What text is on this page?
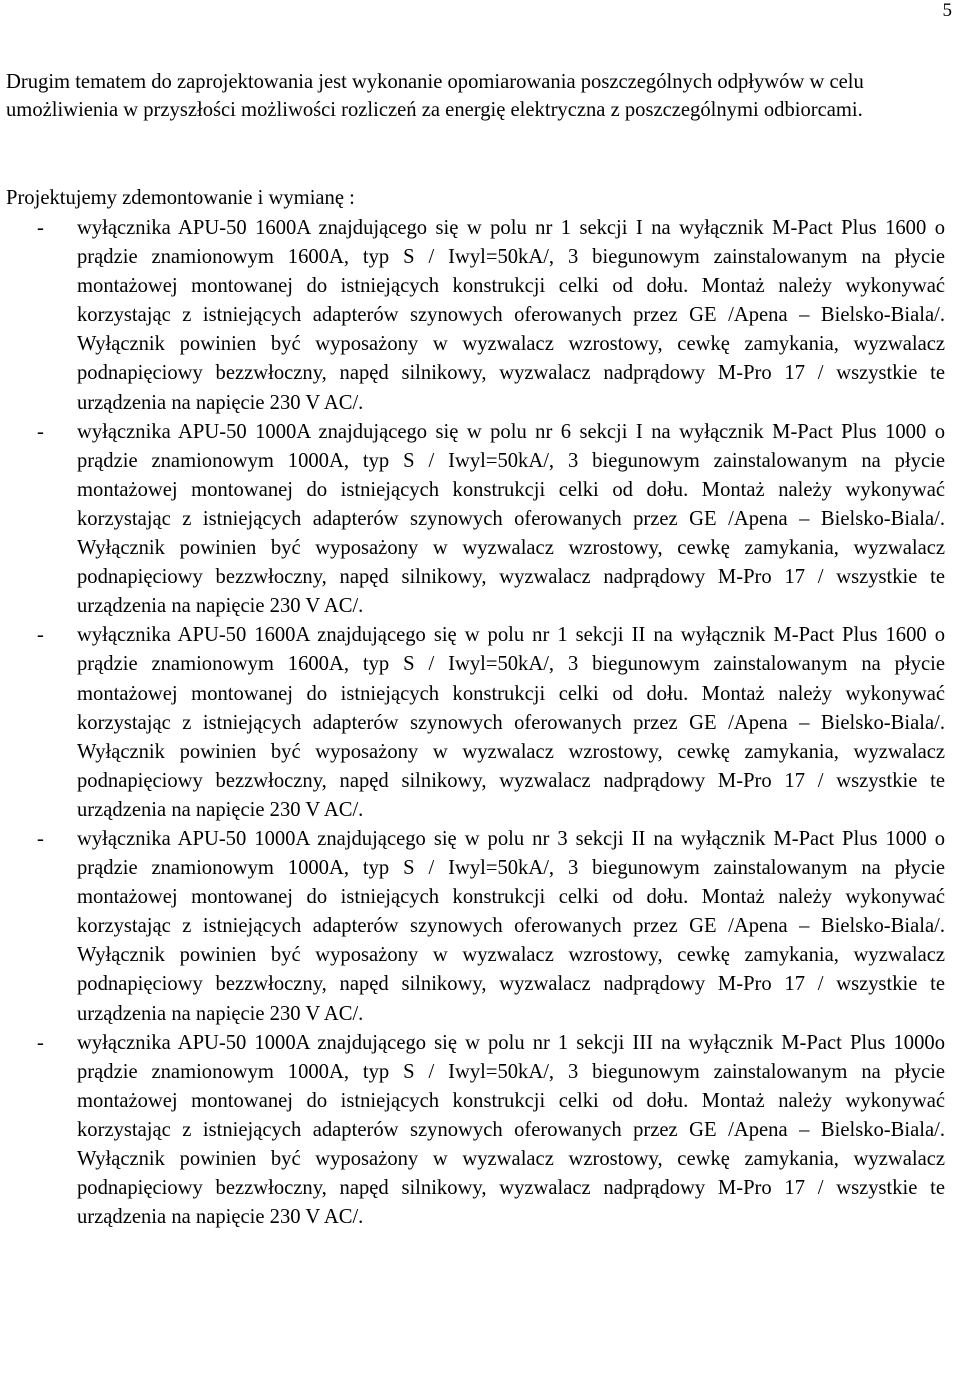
5

Drugim tematem do zaprojektowania jest wykonanie opomiarowania poszczególnych odpływów w celu umożliwienia w przyszłości możliwości rozliczeń za energię elektryczna z poszczególnymi odbiorcami.

Projektujemy zdemontowanie i wymianę :

- wyłącznika APU-50 1600A znajdującego się w polu nr 1 sekcji I na wyłącznik M-Pact Plus 1600 o prądzie znamionowym 1600A, typ S / Iwyl=50kA/, 3 biegunowym zainstalowanym na płycie montażowej montowanej do istniejących konstrukcji celki od dołu. Montaż należy wykonywać korzystając z istniejących adapterów szynowych oferowanych przez GE /Apena – Bielsko-Biala/. Wyłącznik powinien być wyposażony w wyzwalacz wzrostowy, cewkę zamykania, wyzwalacz podnapięciowy bezzwłoczny, napęd silnikowy, wyzwalacz nadprądowy M-Pro 17 / wszystkie te urządzenia na napięcie 230 V AC/.
- wyłącznika APU-50 1000A znajdującego się w polu nr 6 sekcji I na wyłącznik M-Pact Plus 1000 o prądzie znamionowym 1000A, typ S / Iwyl=50kA/, 3 biegunowym zainstalowanym na płycie montażowej montowanej do istniejących konstrukcji celki od dołu. Montaż należy wykonywać korzystając z istniejących adapterów szynowych oferowanych przez GE /Apena – Bielsko-Biala/. Wyłącznik powinien być wyposażony w wyzwalacz wzrostowy, cewkę zamykania, wyzwalacz podnapięciowy bezzwłoczny, napęd silnikowy, wyzwalacz nadprądowy M-Pro 17 / wszystkie te urządzenia na napięcie 230 V AC/.
- wyłącznika APU-50 1600A znajdującego się w polu nr 1 sekcji II na wyłącznik M-Pact Plus 1600 o prądzie znamionowym 1600A, typ S / Iwyl=50kA/, 3 biegunowym zainstalowanym na płycie montażowej montowanej do istniejących konstrukcji celki od dołu. Montaż należy wykonywać korzystając z istniejących adapterów szynowych oferowanych przez GE /Apena – Bielsko-Biala/. Wyłącznik powinien być wyposażony w wyzwalacz wzrostowy, cewkę zamykania, wyzwalacz podnapięciowy bezzwłoczny, napęd silnikowy, wyzwalacz nadprądowy M-Pro 17 / wszystkie te urządzenia na napięcie 230 V AC/.
- wyłącznika APU-50 1000A znajdującego się w polu nr 3 sekcji II na wyłącznik M-Pact Plus 1000 o prądzie znamionowym 1000A, typ S / Iwyl=50kA/, 3 biegunowym zainstalowanym na płycie montażowej montowanej do istniejących konstrukcji celki od dołu. Montaż należy wykonywać korzystając z istniejących adapterów szynowych oferowanych przez GE /Apena – Bielsko-Biala/. Wyłącznik powinien być wyposażony w wyzwalacz wzrostowy, cewkę zamykania, wyzwalacz podnapięciowy bezzwłoczny, napęd silnikowy, wyzwalacz nadprądowy M-Pro 17 / wszystkie te urządzenia na napięcie 230 V AC/.
- wyłącznika APU-50 1000A znajdującego się w polu nr 1 sekcji III na wyłącznik M-Pact Plus 1000o prądzie znamionowym 1000A, typ S / Iwyl=50kA/, 3 biegunowym zainstalowanym na płycie montażowej montowanej do istniejących konstrukcji celki od dołu. Montaż należy wykonywać korzystając z istniejących adapterów szynowych oferowanych przez GE /Apena – Bielsko-Biala/. Wyłącznik powinien być wyposażony w wyzwalacz wzrostowy, cewkę zamykania, wyzwalacz podnapięciowy bezzwłoczny, napęd silnikowy, wyzwalacz nadprądowy M-Pro 17 / wszystkie te urządzenia na napięcie 230 V AC/.
